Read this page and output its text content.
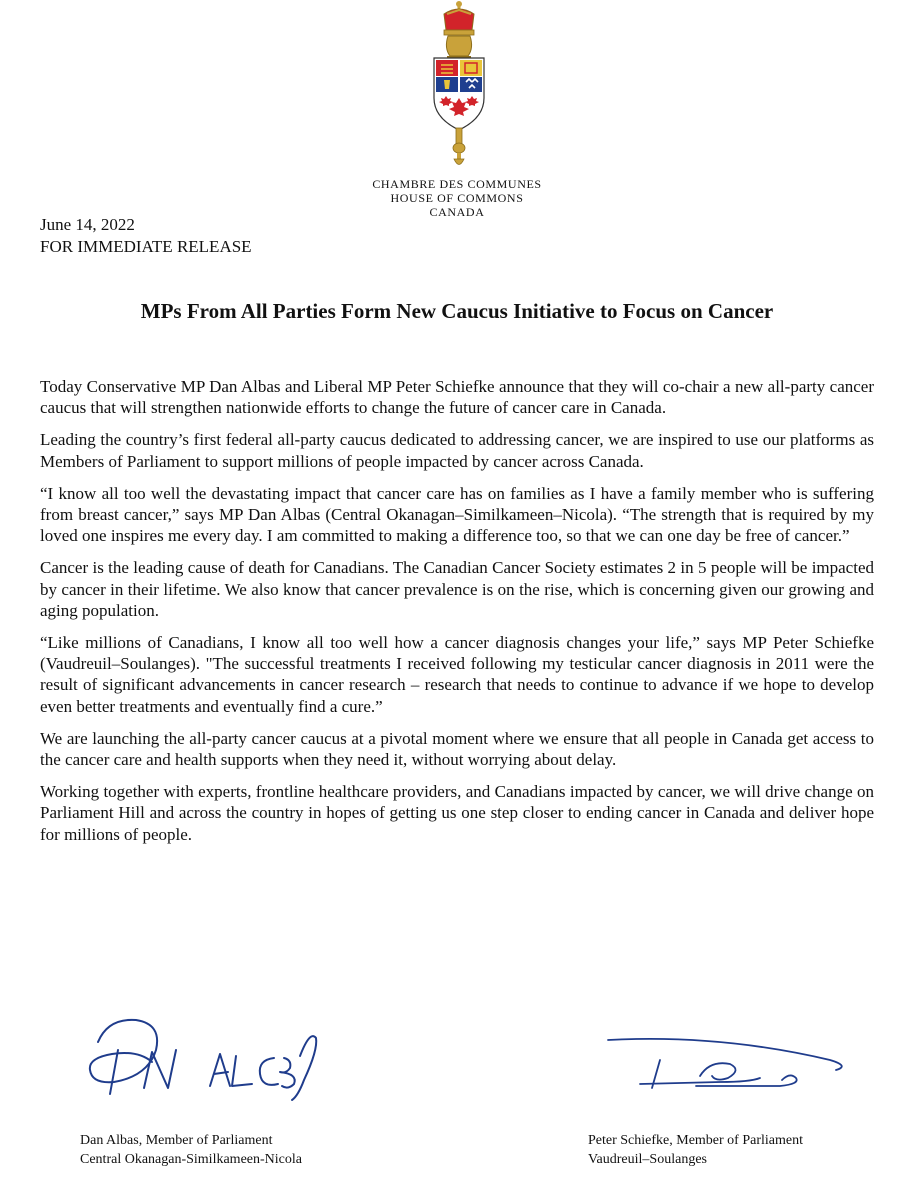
CHAMBRE DES COMMUNES
HOUSE OF COMMONS
CANADA
June 14, 2022
FOR IMMEDIATE RELEASE
MPs From All Parties Form New Caucus Initiative to Focus on Cancer

Today Conservative MP Dan Albas and Liberal MP Peter Schiefke announce that they will co-chair a new all-party cancer caucus that will strengthen nationwide efforts to change the future of cancer care in Canada.

Leading the country’s first federal all-party caucus dedicated to addressing cancer, we are inspired to use our platforms as Members of Parliament to support millions of people impacted by cancer across Canada.

“I know all too well the devastating impact that cancer care has on families as I have a family member who is suffering from breast cancer,” says MP Dan Albas (Central Okanagan–Similkameen–Nicola). “The strength that is required by my loved one inspires me every day. I am committed to making a difference too, so that we can one day be free of cancer.”

Cancer is the leading cause of death for Canadians. The Canadian Cancer Society estimates 2 in 5 people will be impacted by cancer in their lifetime. We also know that cancer prevalence is on the rise, which is concerning given our growing and aging population.

“Like millions of Canadians, I know all too well how a cancer diagnosis changes your life,” says MP Peter Schiefke (Vaudreuil–Soulanges). "The successful treatments I received following my testicular cancer diagnosis in 2011 were the result of significant advancements in cancer research – research that needs to continue to advance if we hope to develop even better treatments and eventually find a cure.”

We are launching the all-party cancer caucus at a pivotal moment where we ensure that all people in Canada get access to the cancer care and health supports when they need it, without worrying about delay.

Working together with experts, frontline healthcare providers, and Canadians impacted by cancer, we will drive change on Parliament Hill and across the country in hopes of getting us one step closer to ending cancer in Canada and deliver hope for millions of people.

Dan Albas, Member of Parliament
Central Okanagan-Similkameen-Nicola
Peter Schiefke, Member of Parliament
Vaudreuil–Soulanges
